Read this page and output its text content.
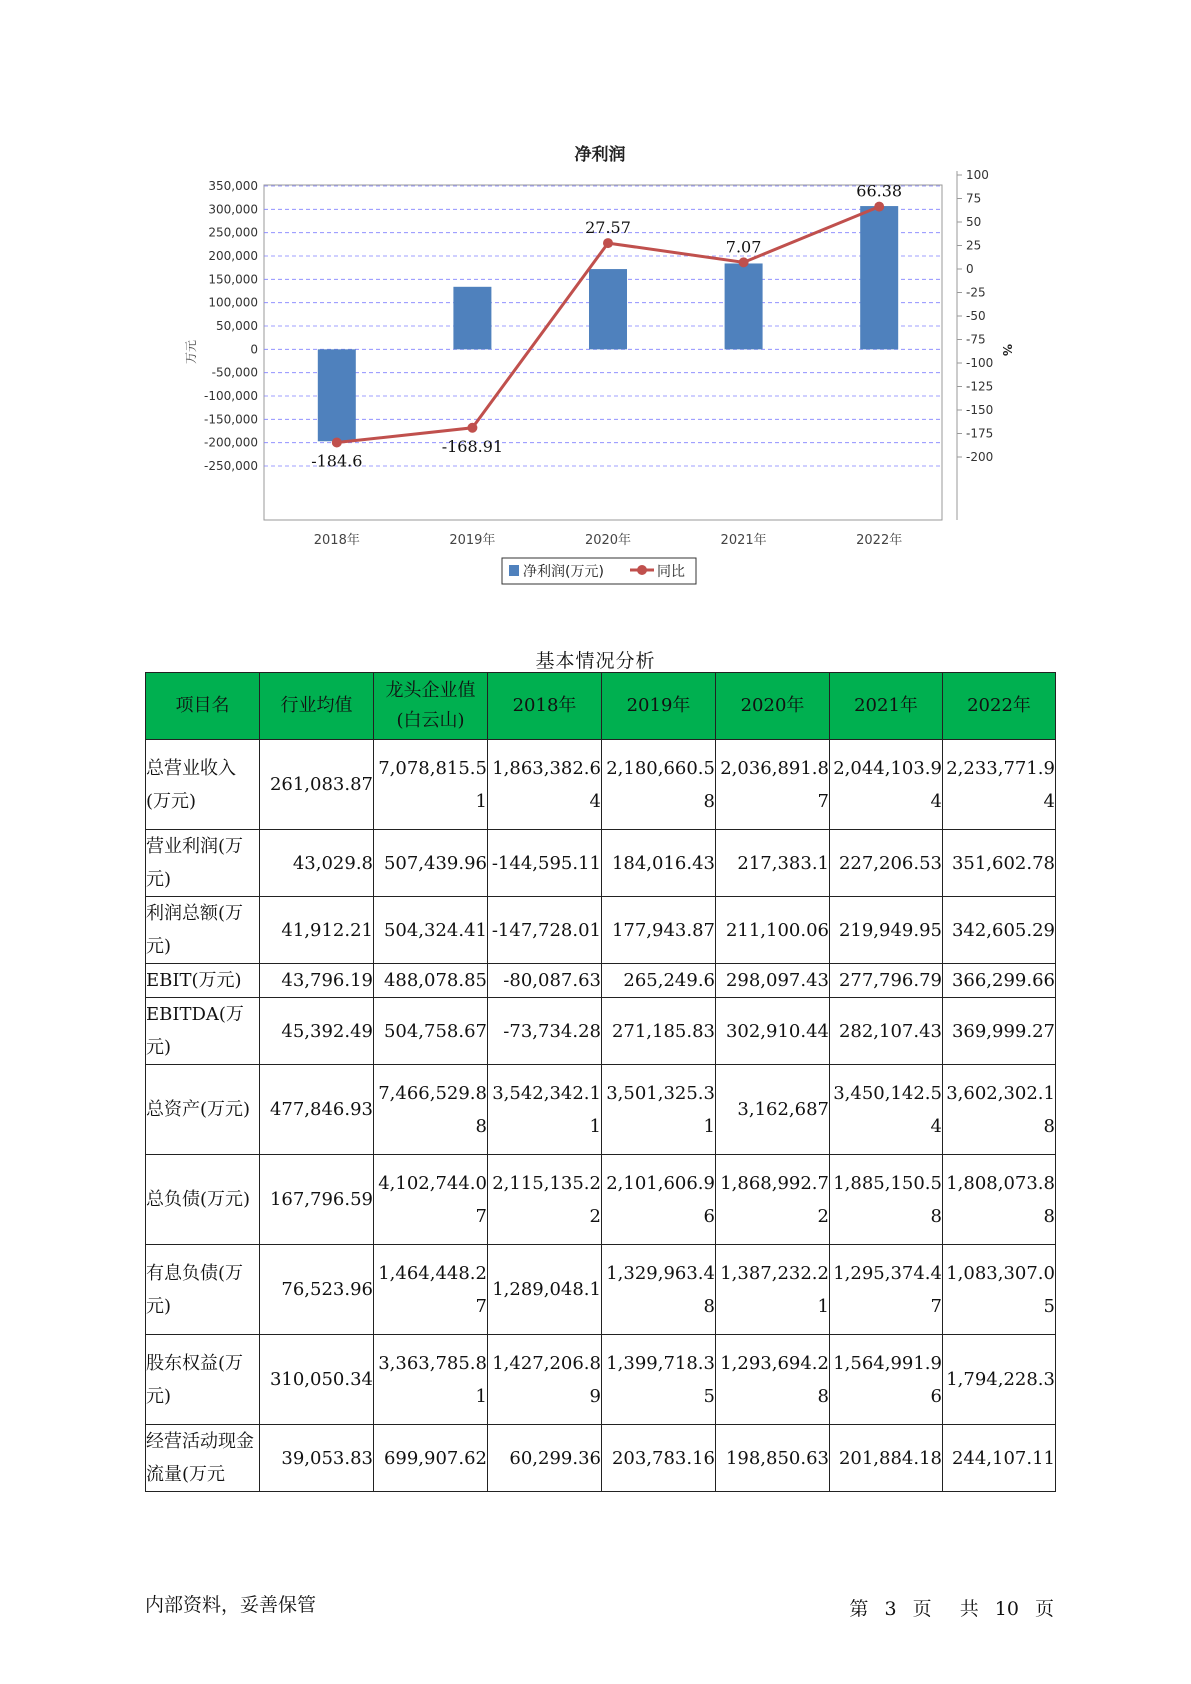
净利润
-184.6
-168.91
27.57
7.07
66.38
350,000
300,000
250,000
200,000
150,000
100,000
50,000
0
-50,000
-100,000
-150,000
-200,000
-250,000
100
75
50
25
0
-25
-50
-75
-100
-125
-150
-175
-200
2018年	2019年	2020年	2021年	2022年
万元	%
净利润(万元)	同比
基本情况分析
项目名	行业均值	龙头企业值(白云山)	2018年	2019年	2020年	2021年	2022年
总营业收入(万元)	261,083.87	7,078,815.51	1,863,382.64	2,180,660.58	2,036,891.87	2,044,103.94	2,233,771.94
营业利润(万元)	43,029.8	507,439.96	-144,595.11	184,016.43	217,383.1	227,206.53	351,602.78
利润总额(万元)	41,912.21	504,324.41	-147,728.01	177,943.87	211,100.06	219,949.95	342,605.29
EBIT(万元)	43,796.19	488,078.85	-80,087.63	265,249.6	298,097.43	277,796.79	366,299.66
EBITDA(万元)	45,392.49	504,758.67	-73,734.28	271,185.83	302,910.44	282,107.43	369,999.27
总资产(万元)	477,846.93	7,466,529.88	3,542,342.11	3,501,325.31	3,162,687	3,450,142.54	3,602,302.18
总负债(万元)	167,796.59	4,102,744.07	2,115,135.22	2,101,606.96	1,868,992.72	1,885,150.58	1,808,073.88
有息负债(万元)	76,523.96	1,464,448.27	1,289,048.1	1,329,963.48	1,387,232.21	1,295,374.47	1,083,307.05
股东权益(万元)	310,050.34	3,363,785.81	1,427,206.89	1,399,718.35	1,293,694.28	1,564,991.96	1,794,228.3
经营活动现金流量(万元	39,053.83	699,907.62	60,299.36	203,783.16	198,850.63	201,884.18	244,107.11
内部资料，妥善保管	第 3 页 共 10 页
